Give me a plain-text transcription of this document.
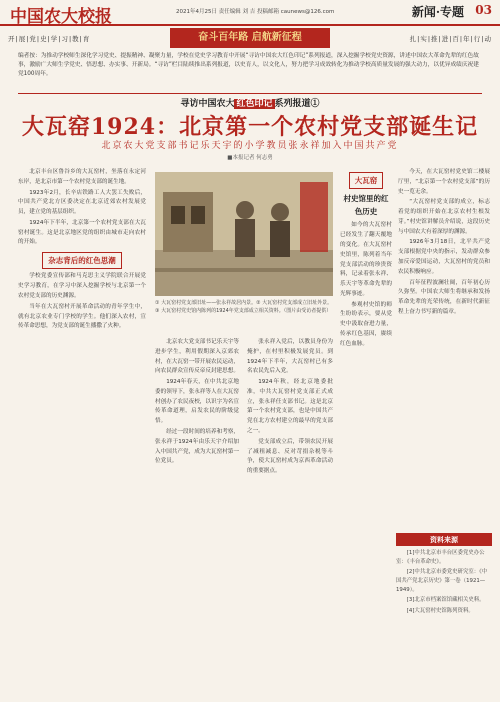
中国农大校报	2021年4月25日 责任编辑 刘 吉 投稿邮箱 caunews@126.com	新闻·专题 03
开|展|党|史|学|习|教|育	奋斗百年路 启航新征程	扎|实|推|进|百|年|行|动
编者按：为推动学校师生深化学习党史、提振精神、凝聚力量，学校在党史学习教育中开展“寻访中国农大红色印记”系列报道，深入挖掘学校党史资源，讲述中国农大革命先辈的红色故事，激励广大师生学党史、悟思想、办实事、开新局。“寻访”栏目陆续推出系列报道，以史育人，以文化人，努力把学习成效转化为推动学校高质量发展的强大动力，以优异成绩庆祝建党100周年。
寻访中国农大 红色印记 系列报道①
大瓦窑1924：北京第一个农村党支部诞生记
北京农大党支部书记乐天宇的小学教员张永祥加入中国共产党
■本报记者 何志勇

北京丰台区鲁谷乡的大瓦窑村，坐落在永定河东岸，是北京市第一个农村党支部的诞生地。

1923年2月，长辛店铁路工人大罢工失败后，中国共产党北方区委决定在北京近郊农村发展党员，建立党的基层组织。

1924年下半年，北京第一个农村党支部在大瓦窑村诞生。这是北京地区党的组织由城市走向农村的开始。

杂志背后的红色思潮

学校党委宣传部和马克思主义学院联合开展党史学习教育，在学习中深入挖掘学校与北京第一个农村党支部的历史渊源。

当年在大瓦窑村开展革命活动的青年学生中，就有北京农业专门学校的学生。他们深入农村，宣传革命思想，为党支部的诞生播撒了火种。

① 大瓦窑村党支部旧址——张永祥故居内景。② 大瓦窑村党支部成立旧址外景。③ 大瓦窑村党史馆内陈列的1924年党支部成立相关资料。（图片由受访者提供）

北京农大党支部书记乐天宇等进步学生，利用假期深入京郊农村，在大瓦窑一带开展农民运动，向农民群众宣传反帝反封建思想。

1924年春天，在中共北京地委的领导下，张永祥等人在大瓦窑村创办了农民夜校，以识字为名宣传革命道理，启发农民的阶级觉悟。

经过一段时间的培养和考察，张永祥于1924年由乐天宇介绍加入中国共产党，成为大瓦窑村第一位党员。

张永祥入党后，以教员身份为掩护，在村里积极发展党员。到1924年下半年，大瓦窑村已有多名农民先后入党。

1924年秋，经北京地委批准，中共大瓦窑村党支部正式成立，张永祥任支部书记。这是北京第一个农村党支部，也是中国共产党在北方农村建立的最早的党支部之一。

党支部成立后，带领农民开展了减租减息、反对苛捐杂税等斗争，使大瓦窑村成为京西革命活动的重要据点。

大瓦窑
村史馆里的红色历史

如今的大瓦窑村已经发生了翻天覆地的变化。在大瓦窑村史馆里，陈列着当年党支部活动的珍贵资料，记录着张永祥、乐天宇等革命先辈的光辉事迹。

参观村史馆的师生纷纷表示，要从党史中汲取奋进力量，传承红色基因，赓续红色血脉。

今天，在大瓦窑村党史馆二楼展厅里，“北京第一个农村党支部”的历史一览无余。

“大瓦窑村党支部的成立，标志着党的组织开始在北京农村生根发芽。”村史馆讲解员介绍说，这段历史与中国农大有着深厚的渊源。

1926年3月18日，北平共产党支部根据党中央的指示，发动群众参加反帝爱国运动，大瓦窑村的党员和农民积极响应。

百年征程波澜壮阔，百年初心历久弥坚。中国农大师生将继承和发扬革命先辈的光荣传统，在新时代新征程上奋力书写新的篇章。

资料来源

[1]中共北京市丰台区委党史办公室：《丰台革命史》。

[2]中共北京市委党史研究室：《中国共产党北京历史》第一卷（1921—1949）。

[3]北京市档案馆馆藏相关史料。

[4]大瓦窑村史馆陈列资料。
